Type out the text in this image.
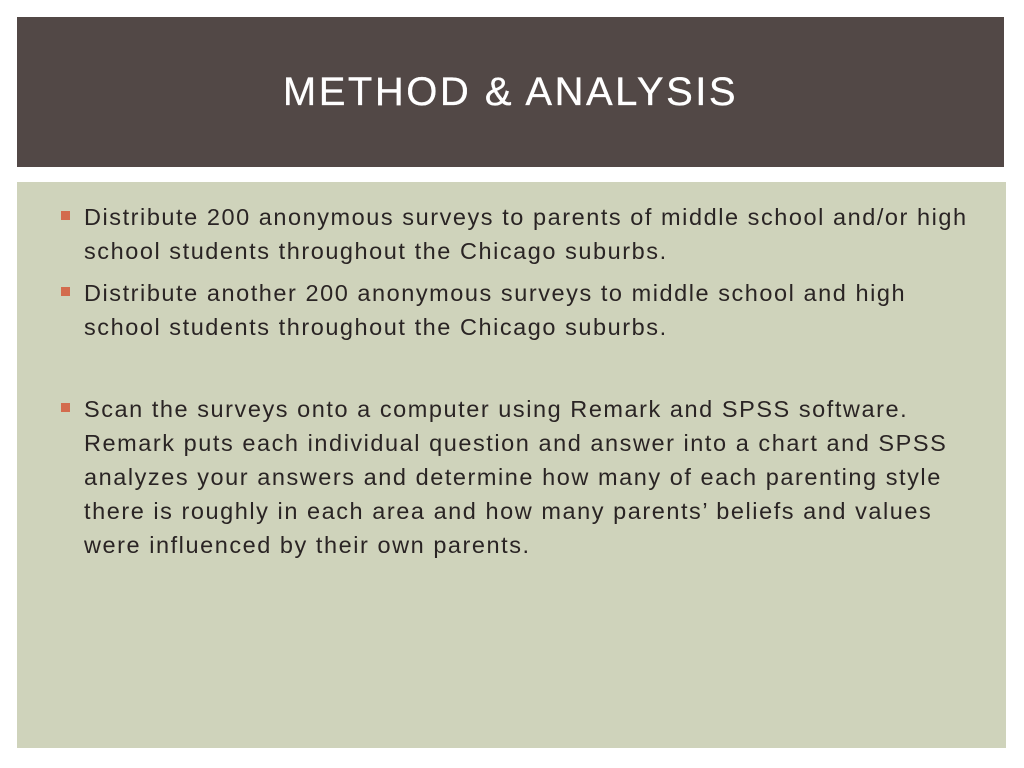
METHOD & ANALYSIS
Distribute 200 anonymous surveys to parents of middle school and/or high school students throughout the Chicago suburbs.
Distribute another 200 anonymous surveys to middle school and high school students throughout the Chicago suburbs.
Scan the surveys onto a computer using Remark and SPSS software. Remark puts each individual question and answer into a chart and SPSS analyzes your answers and determine how many of each parenting style there is roughly in each area and how many parents’ beliefs and values were influenced by their own parents.
